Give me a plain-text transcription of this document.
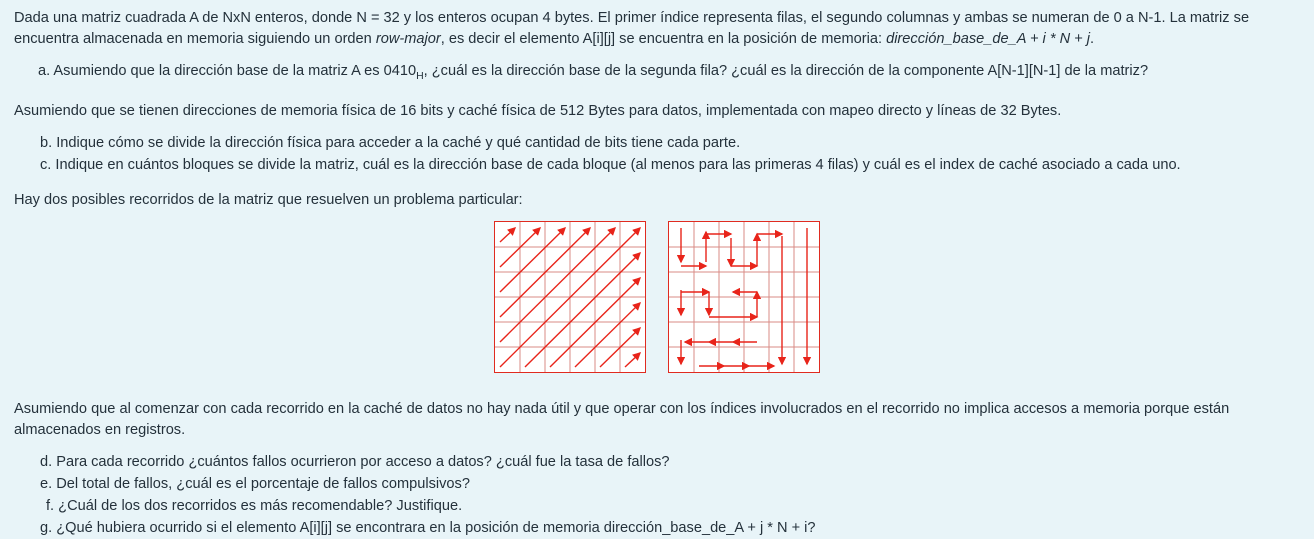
Dada una matriz cuadrada A de NxN enteros, donde N = 32 y los enteros ocupan 4 bytes. El primer índice representa filas, el segundo columnas y ambas se numeran de 0 a N-1. La matriz se encuentra almacenada en memoria siguiendo un orden row-major, es decir el elemento A[i][j] se encuentra en la posición de memoria: dirección_base_de_A + i * N + j.

a. Asumiendo que la dirección base de la matriz A es $0410_H$, ¿cuál es la dirección base de la segunda fila? ¿cuál es la dirección de la componente A[N-1][N-1] de la matriz?

Asumiendo que se tienen direcciones de memoria física de 16 bits y caché física de 512 Bytes para datos, implementada con mapeo directo y líneas de 32 Bytes.

b. Indique cómo se divide la dirección física para acceder a la caché y qué cantidad de bits tiene cada parte.
c. Indique en cuántos bloques se divide la matriz, cuál es la dirección base de cada bloque (al menos para las primeras 4 filas) y cuál es el index de caché asociado a cada uno.

Hay dos posibles recorridos de la matriz que resuelven un problema particular:

Asumiendo que al comenzar con cada recorrido en la caché de datos no hay nada útil y que operar con los índices involucrados en el recorrido no implica accesos a memoria porque están almacenados en registros.

d. Para cada recorrido ¿cuántos fallos ocurrieron por acceso a datos? ¿cuál fue la tasa de fallos?
e. Del total de fallos, ¿cuál es el porcentaje de fallos compulsivos?
f. ¿Cuál de los dos recorridos es más recomendable? Justifique.
g. ¿Qué hubiera ocurrido si el elemento A[i][j] se encontrara en la posición de memoria dirección_base_de_A + j * N + i?
